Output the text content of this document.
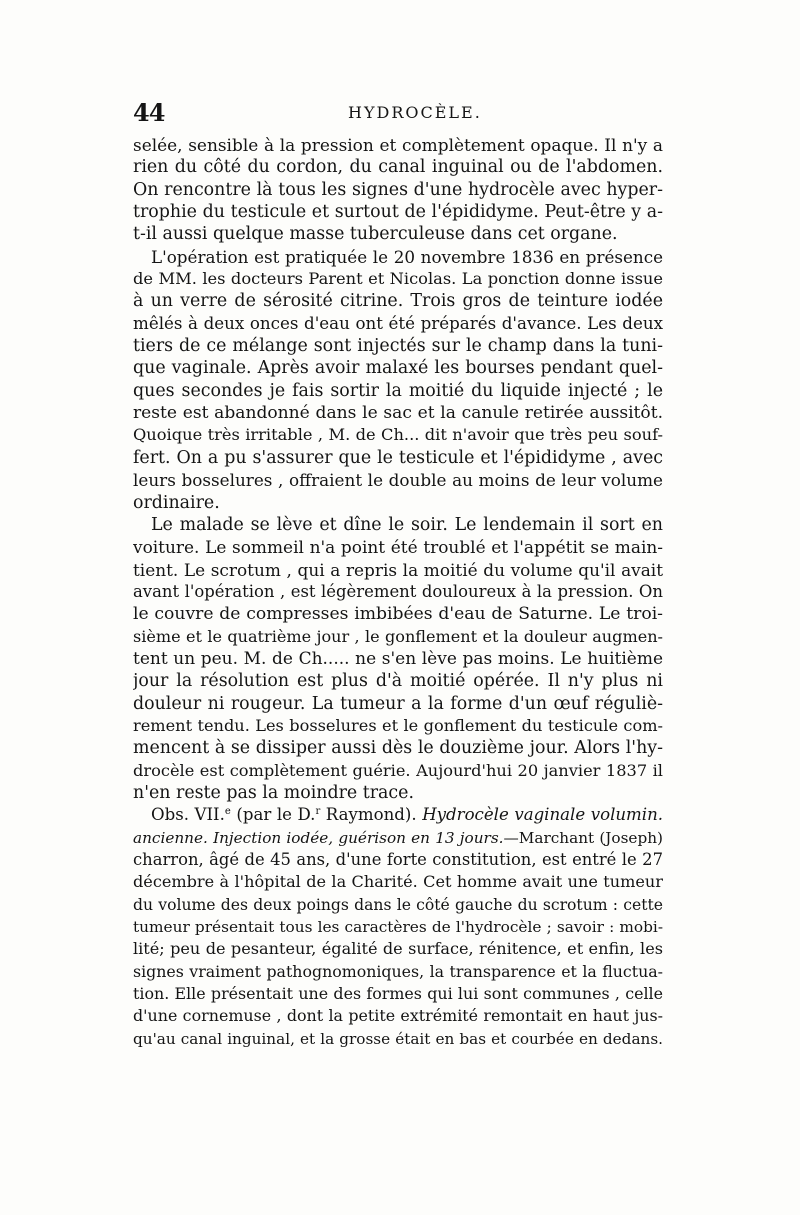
44	HYDROCÈLE.
selée, sensible à la pression et complètement opaque. Il n'y a
rien du côté du cordon, du canal inguinal ou de l'abdomen.
On rencontre là tous les signes d'une hydrocèle avec hyper-
trophie du testicule et surtout de l'épididyme. Peut-être y a-
t-il aussi quelque masse tuberculeuse dans cet organe.
L'opération est pratiquée le 20 novembre 1836 en présence
de MM. les docteurs Parent et Nicolas. La ponction donne issue
à un verre de sérosité citrine. Trois gros de teinture iodée
mêlés à deux onces d'eau ont été préparés d'avance. Les deux
tiers de ce mélange sont injectés sur le champ dans la tuni-
que vaginale. Après avoir malaxé les bourses pendant quel-
ques secondes je fais sortir la moitié du liquide injecté ; le
reste est abandonné dans le sac et la canule retirée aussitôt.
Quoique très irritable , M. de Ch... dit n'avoir que très peu souf-
fert. On a pu s'assurer que le testicule et l'épididyme , avec
leurs bosselures , offraient le double au moins de leur volume
ordinaire.
Le malade se lève et dîne le soir. Le lendemain il sort en
voiture. Le sommeil n'a point été troublé et l'appétit se main-
tient. Le scrotum , qui a repris la moitié du volume qu'il avait
avant l'opération , est légèrement douloureux à la pression. On
le couvre de compresses imbibées d'eau de Saturne. Le troi-
sième et le quatrième jour , le gonflement et la douleur augmen-
tent un peu. M. de Ch..... ne s'en lève pas moins. Le huitième
jour la résolution est plus d'à moitié opérée. Il n'y plus ni
douleur ni rougeur. La tumeur a la forme d'un œuf réguliè-
rement tendu. Les bosselures et le gonflement du testicule com-
mencent à se dissiper aussi dès le douzième jour. Alors l'hy-
drocèle est complètement guérie. Aujourd'hui 20 janvier 1837 il
n'en reste pas la moindre trace.
Obs. VII.$^e$ (par le D.$^r$ Raymond). Hydrocèle vaginale volumin.
ancienne. Injection iodée, guérison en 13 jours.—Marchant (Joseph)
charron, âgé de 45 ans, d'une forte constitution, est entré le 27
décembre à l'hôpital de la Charité. Cet homme avait une tumeur
du volume des deux poings dans le côté gauche du scrotum : cette
tumeur présentait tous les caractères de l'hydrocèle ; savoir : mobi-
lité; peu de pesanteur, égalité de surface, rénitence, et enfin, les
signes vraiment pathognomoniques, la transparence et la fluctua-
tion. Elle présentait une des formes qui lui sont communes , celle
d'une cornemuse , dont la petite extrémité remontait en haut jus-
qu'au canal inguinal, et la grosse était en bas et courbée en dedans.
